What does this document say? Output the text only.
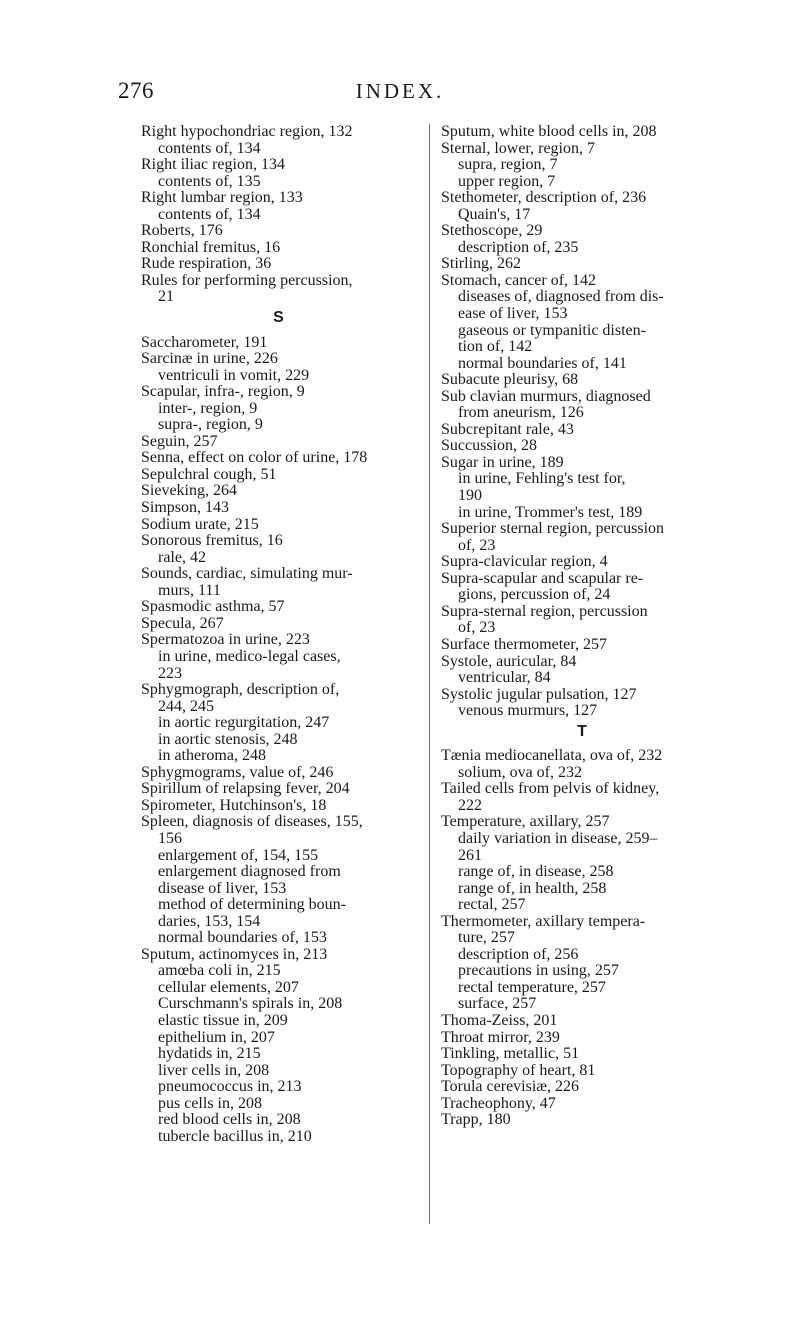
276	INDEX.
Right hypochondriac region, 132
contents of, 134
Right iliac region, 134
contents of, 135
Right lumbar region, 133
contents of, 134
Roberts, 176
Ronchial fremitus, 16
Rude respiration, 36
Rules for performing percussion,
21
S
Saccharometer, 191
Sarcinæ in urine, 226
ventriculi in vomit, 229
Scapular, infra-, region, 9
inter-, region, 9
supra-, region, 9
Seguin, 257
Senna, effect on color of urine, 178
Sepulchral cough, 51
Sieveking, 264
Simpson, 143
Sodium urate, 215
Sonorous fremitus, 16
rale, 42
Sounds, cardiac, simulating mur-
murs, 111
Spasmodic asthma, 57
Specula, 267
Spermatozoa in urine, 223
in urine, medico-legal cases,
223
Sphygmograph, description of,
244, 245
in aortic regurgitation, 247
in aortic stenosis, 248
in atheroma, 248
Sphygmograms, value of, 246
Spirillum of relapsing fever, 204
Spirometer, Hutchinson's, 18
Spleen, diagnosis of diseases, 155,
156
enlargement of, 154, 155
enlargement diagnosed from
disease of liver, 153
method of determining boun-
daries, 153, 154
normal boundaries of, 153
Sputum, actinomyces in, 213
amœba coli in, 215
cellular elements, 207
Curschmann's spirals in, 208
elastic tissue in, 209
epithelium in, 207
hydatids in, 215
liver cells in, 208
pneumococcus in, 213
pus cells in, 208
red blood cells in, 208
tubercle bacillus in, 210
Sputum, white blood cells in, 208
Sternal, lower, region, 7
supra, region, 7
upper region, 7
Stethometer, description of, 236
Quain's, 17
Stethoscope, 29
description of, 235
Stirling, 262
Stomach, cancer of, 142
diseases of, diagnosed from dis-
ease of liver, 153
gaseous or tympanitic disten-
tion of, 142
normal boundaries of, 141
Subacute pleurisy, 68
Sub clavian murmurs, diagnosed
from aneurism, 126
Subcrepitant rale, 43
Succussion, 28
Sugar in urine, 189
in urine, Fehling's test for,
190
in urine, Trommer's test, 189
Superior sternal region, percussion
of, 23
Supra-clavicular region, 4
Supra-scapular and scapular re-
gions, percussion of, 24
Supra-sternal region, percussion
of, 23
Surface thermometer, 257
Systole, auricular, 84
ventricular, 84
Systolic jugular pulsation, 127
venous murmurs, 127
T
Tænia mediocanellata, ova of, 232
solium, ova of, 232
Tailed cells from pelvis of kidney,
222
Temperature, axillary, 257
daily variation in disease, 259–
261
range of, in disease, 258
range of, in health, 258
rectal, 257
Thermometer, axillary tempera-
ture, 257
description of, 256
precautions in using, 257
rectal temperature, 257
surface, 257
Thoma-Zeiss, 201
Throat mirror, 239
Tinkling, metallic, 51
Topography of heart, 81
Torula cerevisiæ, 226
Tracheophony, 47
Trapp, 180
